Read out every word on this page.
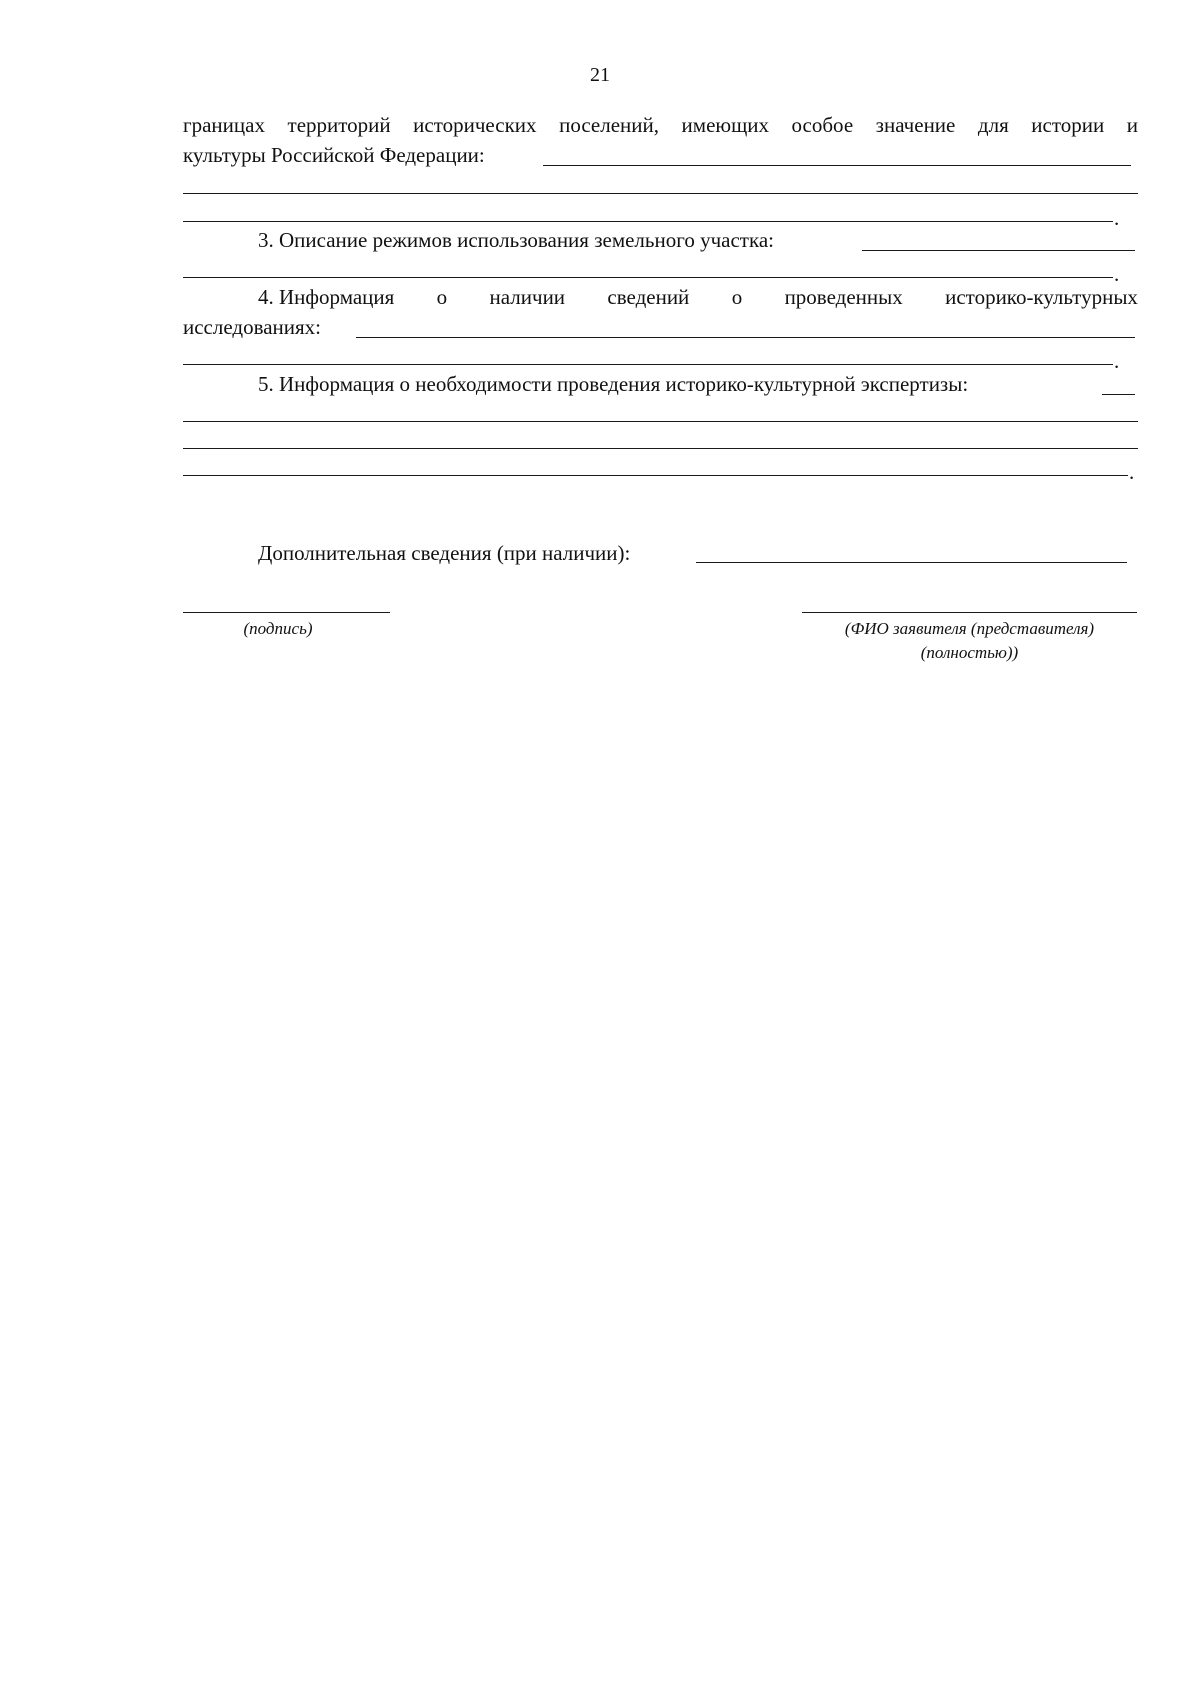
21
границах территорий исторических поселений, имеющих особое значение для истории и
культуры Российской Федерации:
.
3. Описание режимов использования земельного участка:
.
4. Информация о наличии сведений о проведенных историко-культурных
исследованиях:
.
5. Информация о необходимости проведения историко-культурной экспертизы:
.
Дополнительная сведения (при наличии):
(подпись)	(ФИО заявителя (представителя)
(полностью))
